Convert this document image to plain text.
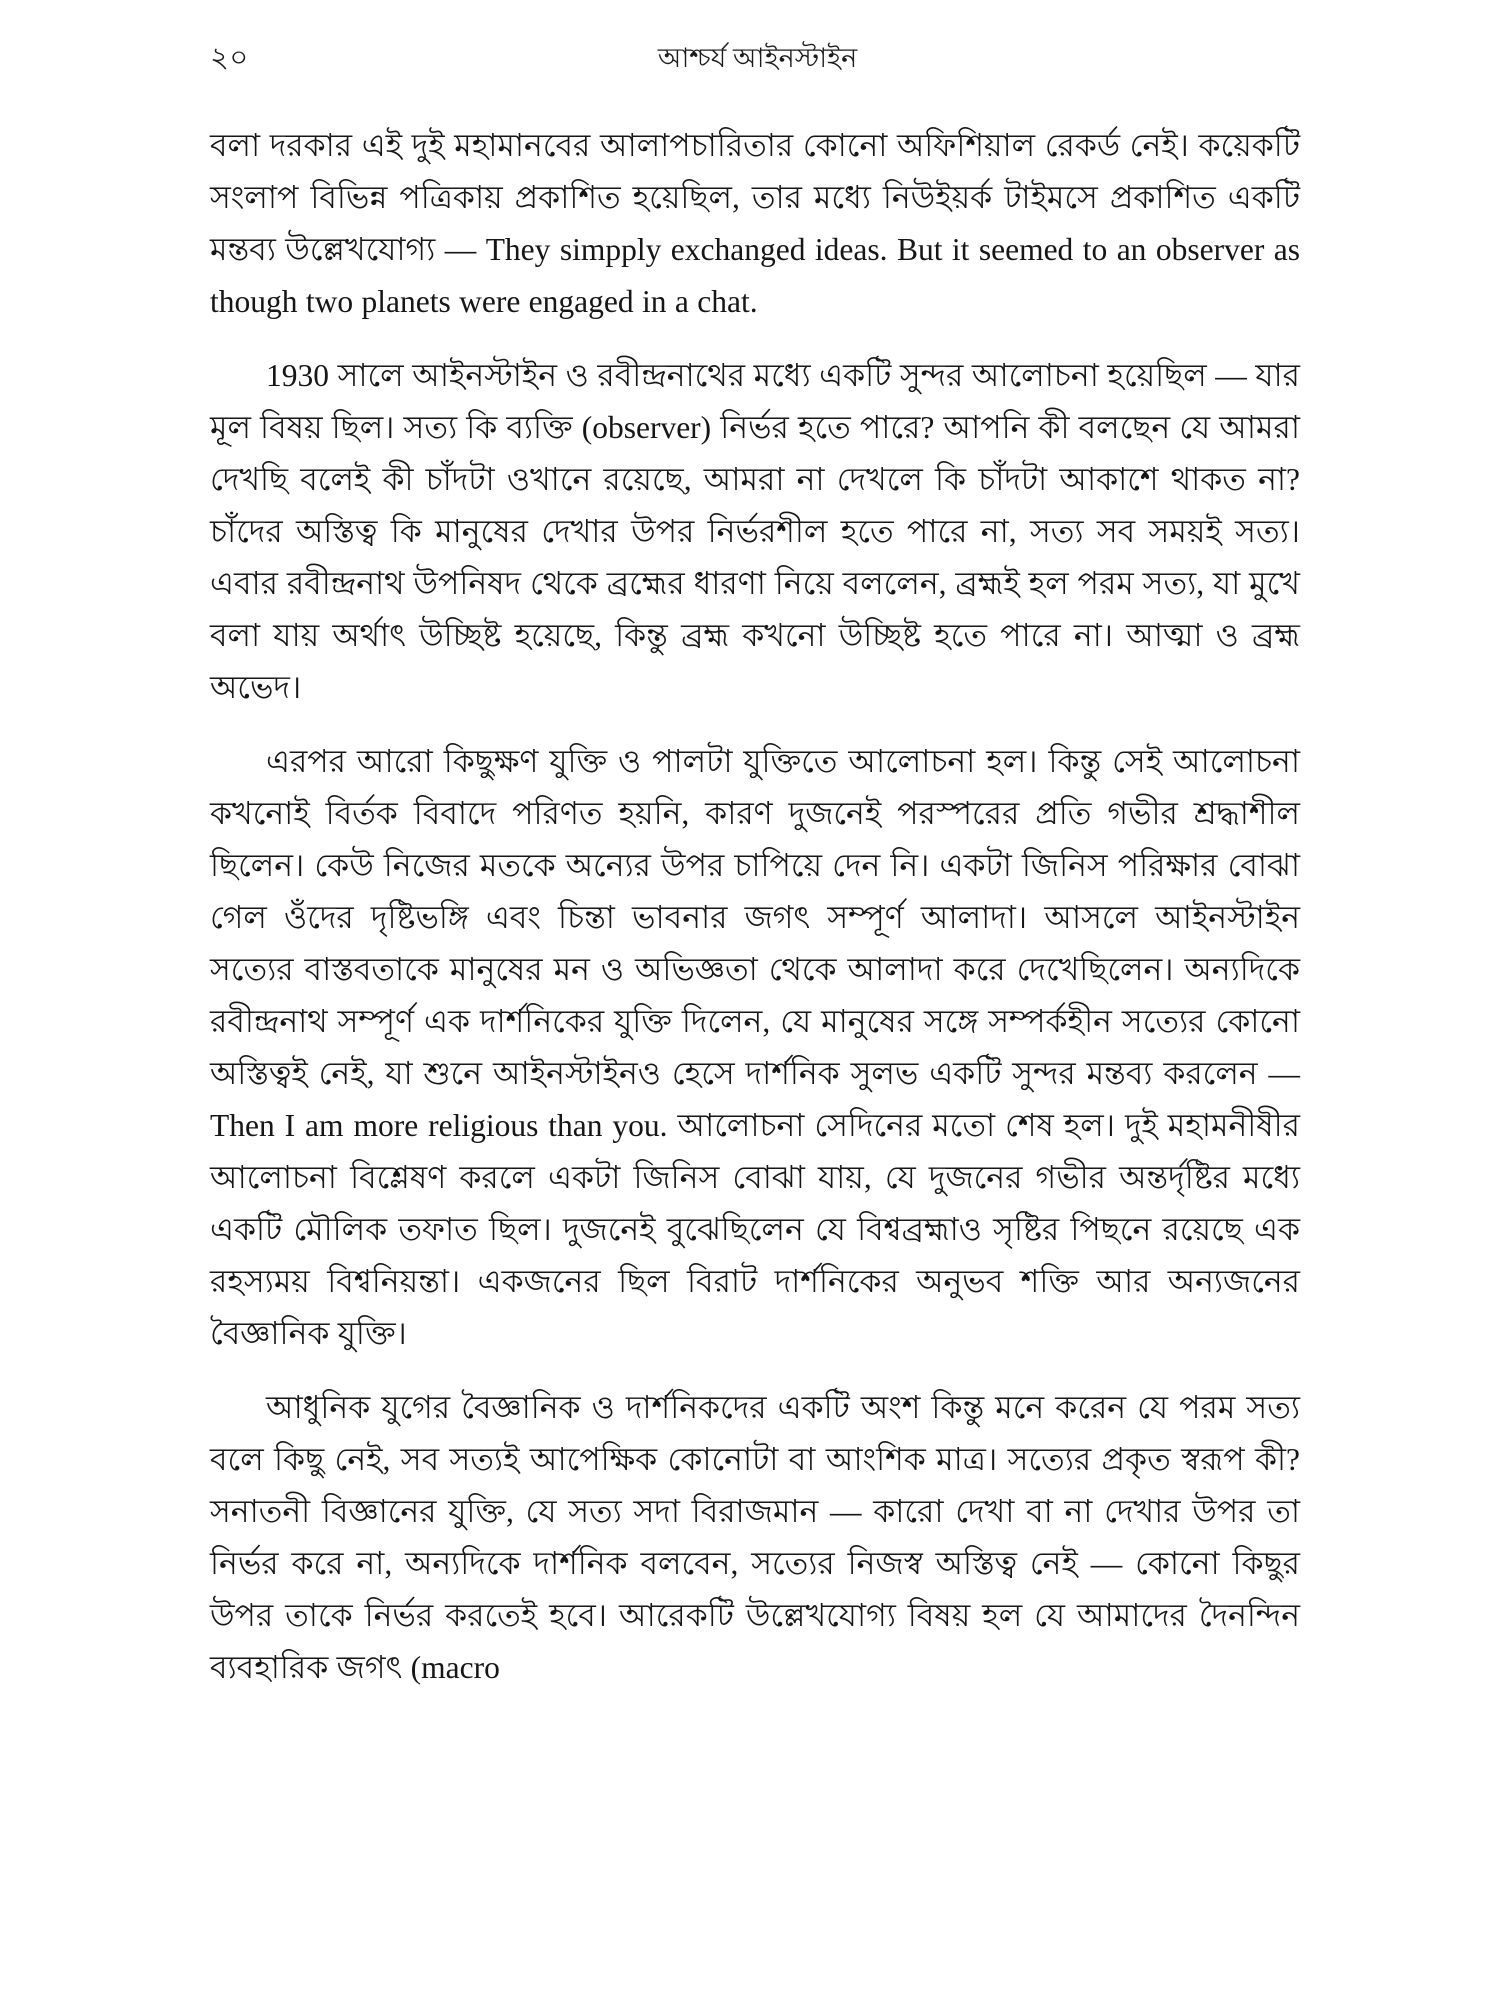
২০	আশ্চর্য আইনস্টাইন

বলা দরকার এই দুই মহামানবের আলাপচারিতার কোনো অফিশিয়াল রেকর্ড নেই। কয়েকটি সংলাপ বিভিন্ন পত্রিকায় প্রকাশিত হয়েছিল, তার মধ্যে নিউইয়র্ক টাইমসে প্রকাশিত একটি মন্তব্য উল্লেখযোগ্য — They simpply exchanged ideas. But it seemed to an observer as though two planets were engaged in a chat.

1930 সালে আইনস্টাইন ও রবীন্দ্রনাথের মধ্যে একটি সুন্দর আলোচনা হয়েছিল — যার মূল বিষয় ছিল। সত্য কি ব্যক্তি (observer) নির্ভর হতে পারে? আপনি কী বলছেন যে আমরা দেখছি বলেই কী চাঁদটা ওখানে রয়েছে, আমরা না দেখলে কি চাঁদটা আকাশে থাকত না? চাঁদের অস্তিত্ব কি মানুষের দেখার উপর নির্ভরশীল হতে পারে না, সত্য সব সময়ই সত্য। এবার রবীন্দ্রনাথ উপনিষদ থেকে ব্রহ্মের ধারণা নিয়ে বললেন, ব্রহ্মই হল পরম সত্য, যা মুখে বলা যায় অর্থাৎ উচ্ছিষ্ট হয়েছে, কিন্তু ব্রহ্ম কখনো উচ্ছিষ্ট হতে পারে না। আত্মা ও ব্রহ্ম অভেদ।

এরপর আরো কিছুক্ষণ যুক্তি ও পালটা যুক্তিতে আলোচনা হল। কিন্তু সেই আলোচনা কখনোই বির্তক বিবাদে পরিণত হয়নি, কারণ দুজনেই পরস্পরের প্রতি গভীর শ্রদ্ধাশীল ছিলেন। কেউ নিজের মতকে অন্যের উপর চাপিয়ে দেন নি। একটা জিনিস পরিক্ষার বোঝা গেল ওঁদের দৃষ্টিভঙ্গি এবং চিন্তা ভাবনার জগৎ সম্পূর্ণ আলাদা। আসলে আইনস্টাইন সত্যের বাস্তবতাকে মানুষের মন ও অভিজ্ঞতা থেকে আলাদা করে দেখেছিলেন। অন্যদিকে রবীন্দ্রনাথ সম্পূর্ণ এক দার্শনিকের যুক্তি দিলেন, যে মানুষের সঙ্গে সম্পর্কহীন সত্যের কোনো অস্তিত্বই নেই, যা শুনে আইনস্টাইনও হেসে দার্শনিক সুলভ একটি সুন্দর মন্তব্য করলেন — Then I am more religious than you. আলোচনা সেদিনের মতো শেষ হল। দুই মহামনীষীর আলোচনা বিশ্লেষণ করলে একটা জিনিস বোঝা যায়, যে দুজনের গভীর অন্তর্দৃষ্টির মধ্যে একটি মৌলিক তফাত ছিল। দুজনেই বুঝেছিলেন যে বিশ্বব্রহ্মাও সৃষ্টির পিছনে রয়েছে এক রহস্যময় বিশ্বনিয়ন্তা। একজনের ছিল বিরাট দার্শনিকের অনুভব শক্তি আর অন্যজনের বৈজ্ঞানিক যুক্তি।

আধুনিক যুগের বৈজ্ঞানিক ও দার্শনিকদের একটি অংশ কিন্তু মনে করেন যে পরম সত্য বলে কিছু নেই, সব সত্যই আপেক্ষিক কোনোটা বা আংশিক মাত্র। সত্যের প্রকৃত স্বরূপ কী? সনাতনী বিজ্ঞানের যুক্তি, যে সত্য সদা বিরাজমান — কারো দেখা বা না দেখার উপর তা নির্ভর করে না, অন্যদিকে দার্শনিক বলবেন, সত্যের নিজস্ব অস্তিত্ব নেই — কোনো কিছুর উপর তাকে নির্ভর করতেই হবে। আরেকটি উল্লেখযোগ্য বিষয় হল যে আমাদের দৈনন্দিন ব্যবহারিক জগৎ (macro
